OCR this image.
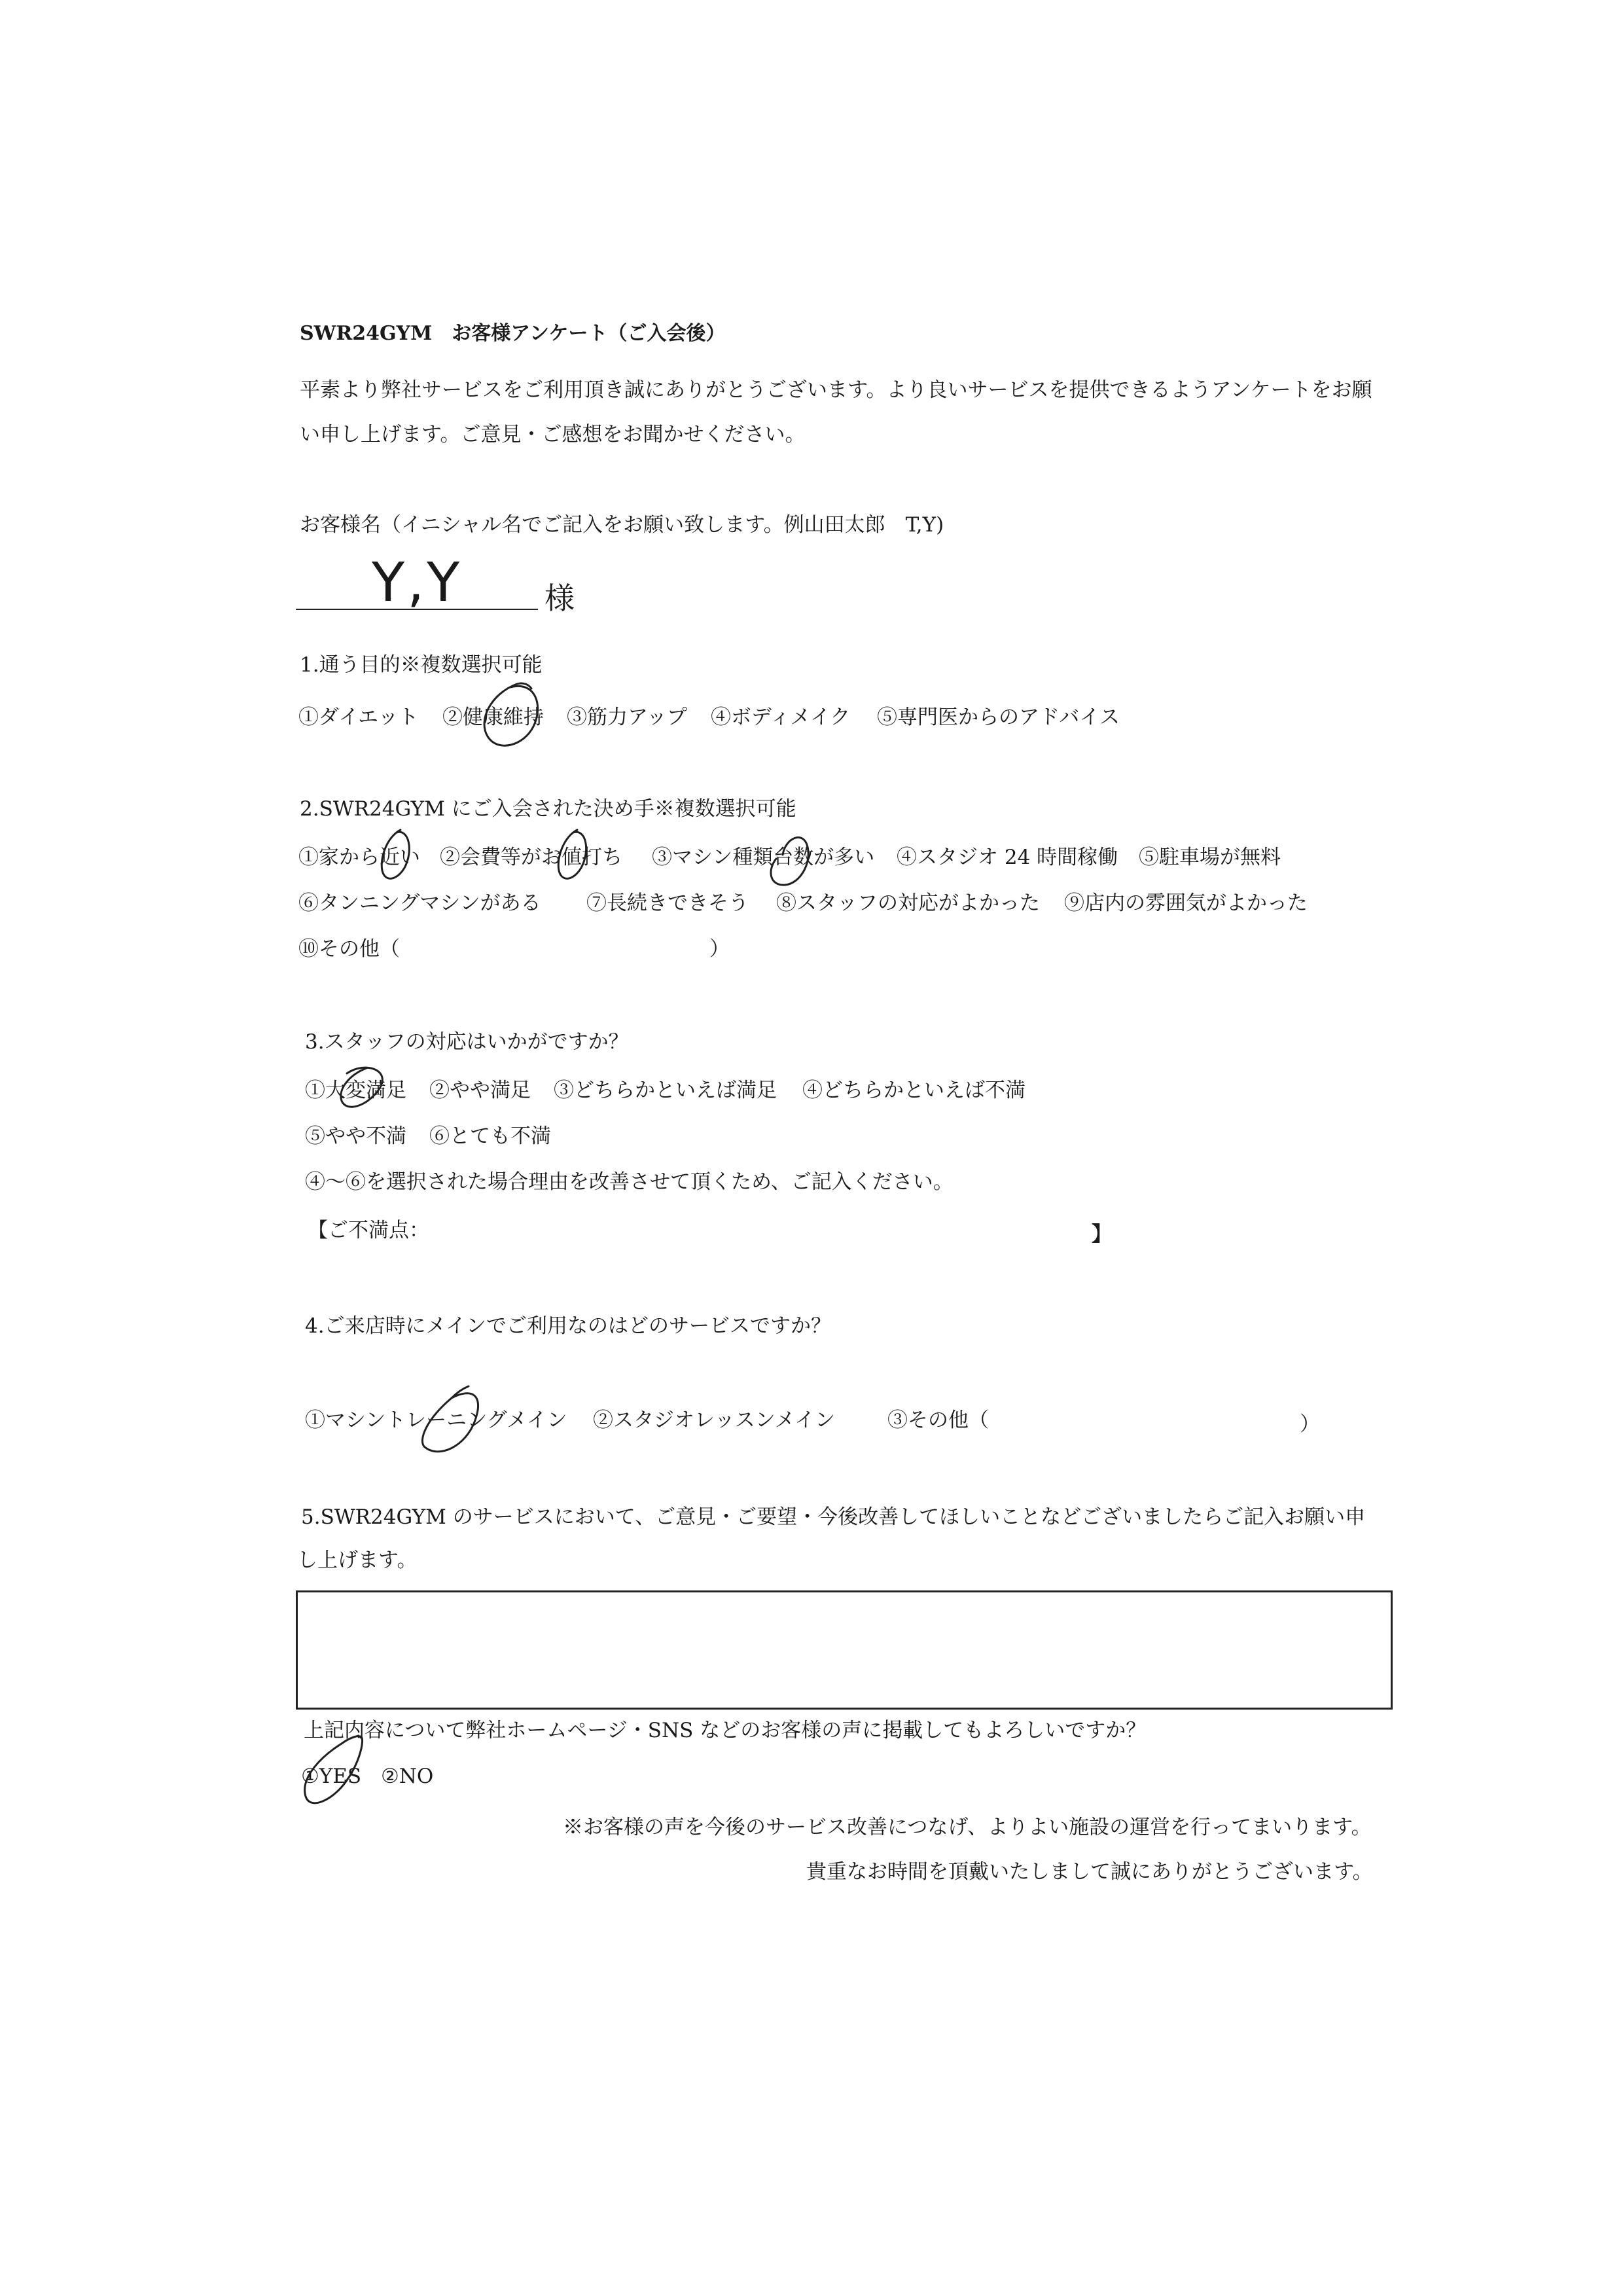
SWR24GYM　お客様アンケート（ご入会後）
平素より弊社サービスをご利用頂き誠にありがとうございます。より良いサービスを提供できるようアンケートをお願
い申し上げます。ご意見・ご感想をお聞かせください。
お客様名（イニシャル名でご記入をお願い致します。例山田太郎　T,Y)
Y,Y	様
1.通う目的※複数選択可能
①ダイエット ②健康維持 ③筋力アップ ④ボディメイク ⑤専門医からのアドバイス
2.SWR24GYM にご入会された決め手※複数選択可能
①家から近い ②会費等がお値打ち ③マシン種類台数が多い ④スタジオ 24 時間稼働 ⑤駐車場が無料
⑥タンニングマシンがある ⑦長続きできそう ⑧スタッフの対応がよかった ⑨店内の雰囲気がよかった
⑩その他（	）
3.スタッフの対応はいかがですか？
①大変満足 ②やや満足 ③どちらかといえば満足 ④どちらかといえば不満
⑤やや不満 ⑥とても不満
④～⑥を選択された場合理由を改善させて頂くため、ご記入ください。
【ご不満点：	】
4.ご来店時にメインでご利用なのはどのサービスですか？
①マシントレーニングメイン ②スタジオレッスンメイン	③その他（	）
5.SWR24GYM のサービスにおいて、ご意見・ご要望・今後改善してほしいことなどございましたらご記入お願い申
し上げます。
上記内容について弊社ホームページ・SNS などのお客様の声に掲載してもよろしいですか？
①YES ②NO
※お客様の声を今後のサービス改善につなげ、よりよい施設の運営を行ってまいります。
貴重なお時間を頂戴いたしまして誠にありがとうございます。
